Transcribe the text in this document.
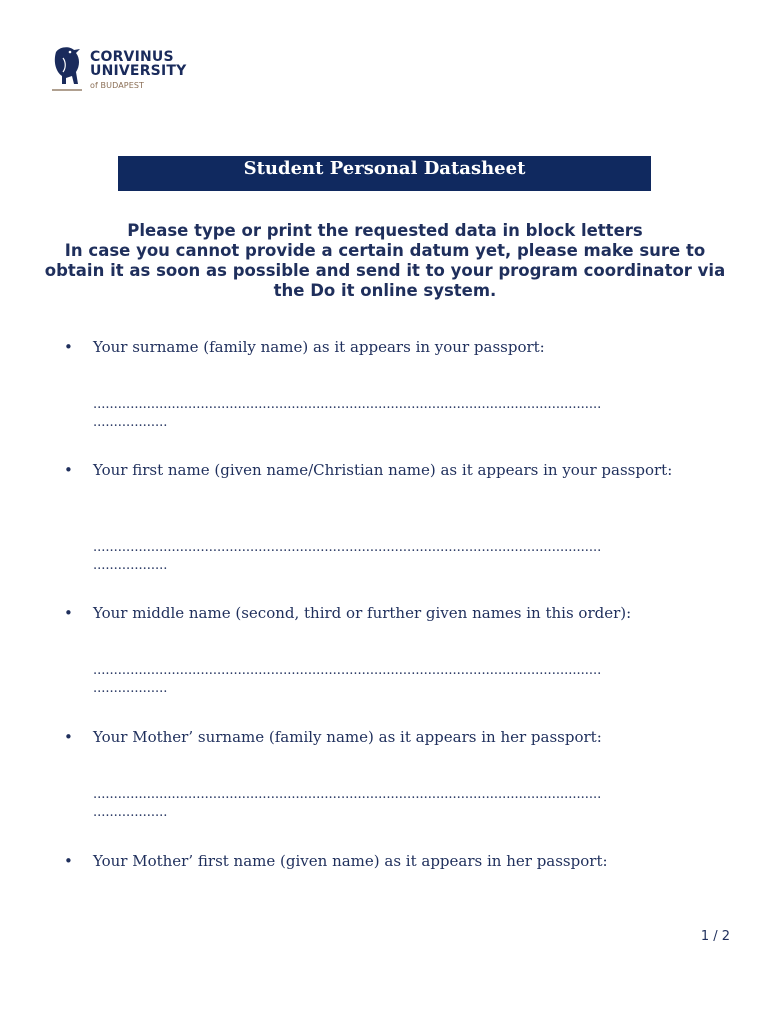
CORVINUS
UNIVERSITY
of BUDAPEST
Student Personal Datasheet
Please type or print the requested data in block letters
In case you cannot provide a certain datum yet, please make sure to obtain it as soon as possible and send it to your program coordinator via the Do it online system.
• Your surname (family name) as it appears in your passport:
...........................................................................................................................
..................
• Your first name (given name/Christian name) as it appears in your passport:
...........................................................................................................................
..................
• Your middle name (second, third or further given names in this order):
...........................................................................................................................
..................
• Your Mother’ surname (family name) as it appears in her passport:
...........................................................................................................................
..................
• Your Mother’ first name (given name) as it appears in her passport:
1 / 2
